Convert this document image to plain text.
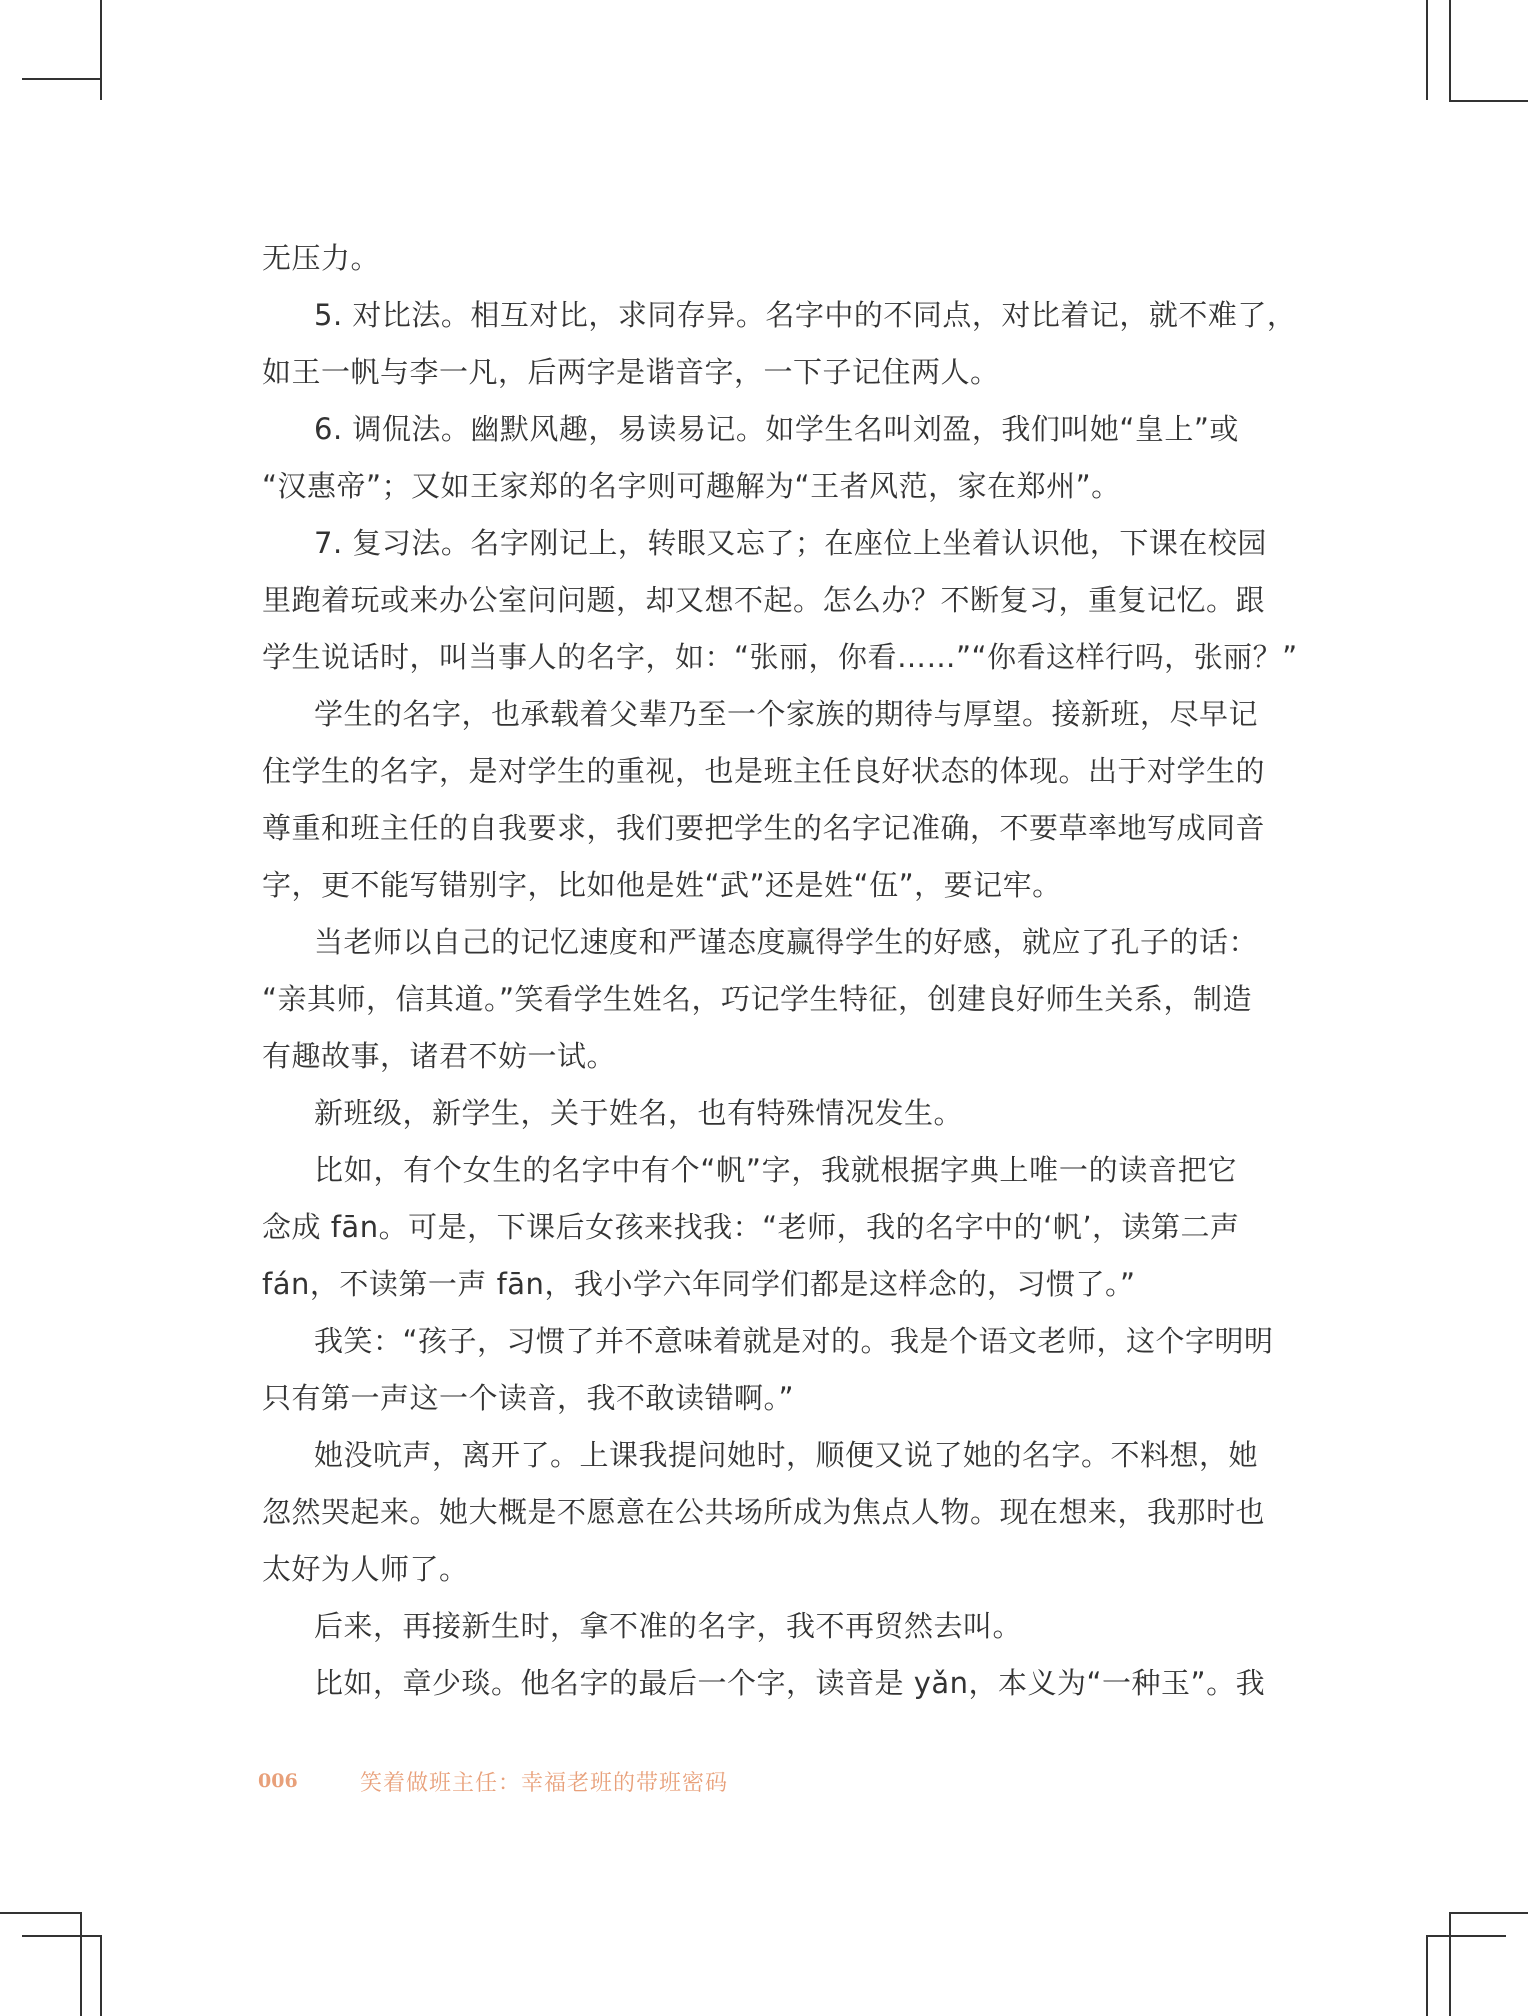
无压力。
5. 对比法。相互对比，求同存异。名字中的不同点，对比着记，就不难了，
如王一帆与李一凡，后两字是谐音字，一下子记住两人。
6. 调侃法。幽默风趣，易读易记。如学生名叫刘盈，我们叫她“皇上”或
“汉惠帝”；又如王家郑的名字则可趣解为“王者风范，家在郑州”。
7. 复习法。名字刚记上，转眼又忘了；在座位上坐着认识他，下课在校园
里跑着玩或来办公室问问题，却又想不起。怎么办？不断复习，重复记忆。跟
学生说话时，叫当事人的名字，如：“张丽，你看……”“你看这样行吗，张丽？”
学生的名字，也承载着父辈乃至一个家族的期待与厚望。接新班，尽早记
住学生的名字，是对学生的重视，也是班主任良好状态的体现。出于对学生的
尊重和班主任的自我要求，我们要把学生的名字记准确，不要草率地写成同音
字，更不能写错别字，比如他是姓“武”还是姓“伍”，要记牢。
当老师以自己的记忆速度和严谨态度赢得学生的好感，就应了孔子的话：
“亲其师，信其道。”笑看学生姓名，巧记学生特征，创建良好师生关系，制造
有趣故事，诸君不妨一试。
新班级，新学生，关于姓名，也有特殊情况发生。
比如，有个女生的名字中有个“帆”字，我就根据字典上唯一的读音把它
念成 fān。可是，下课后女孩来找我：“老师，我的名字中的‘帆’，读第二声
fán，不读第一声 fān，我小学六年同学们都是这样念的，习惯了。”
我笑：“孩子，习惯了并不意味着就是对的。我是个语文老师，这个字明明
只有第一声这一个读音，我不敢读错啊。”
她没吭声，离开了。上课我提问她时，顺便又说了她的名字。不料想，她
忽然哭起来。她大概是不愿意在公共场所成为焦点人物。现在想来，我那时也
太好为人师了。
后来，再接新生时，拿不准的名字，我不再贸然去叫。
比如，章少琰。他名字的最后一个字，读音是 yǎn，本义为“一种玉”。我
006	笑着做班主任：幸福老班的带班密码
